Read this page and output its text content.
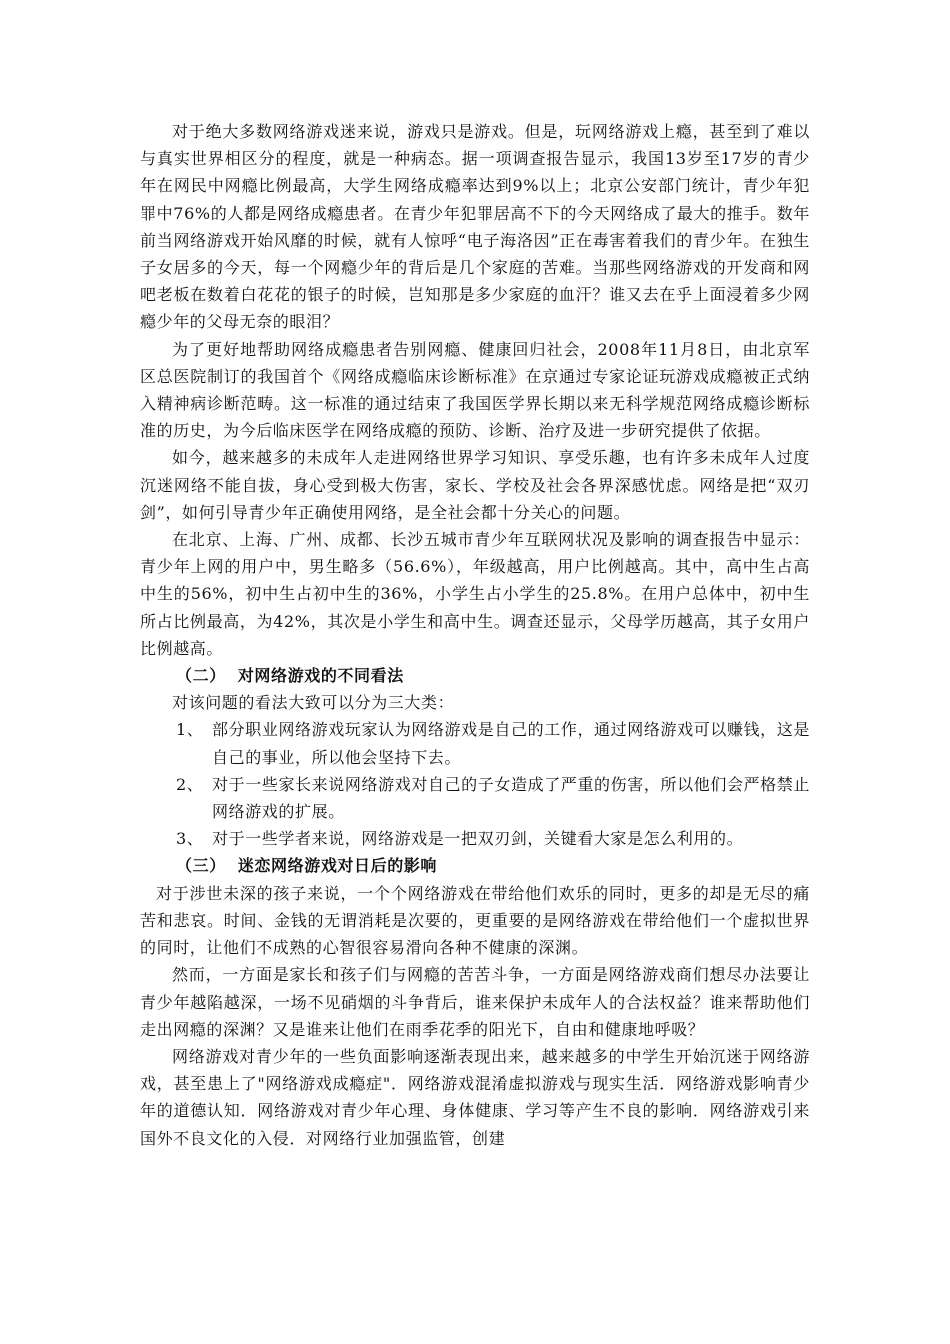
对于绝大多数网络游戏迷来说，游戏只是游戏。但是，玩网络游戏上瘾，甚至到了难以与真实世界相区分的程度，就是一种病态。据一项调查报告显示，我国13岁至17岁的青少年在网民中网瘾比例最高，大学生网络成瘾率达到9%以上；北京公安部门统计，青少年犯罪中76%的人都是网络成瘾患者。在青少年犯罪居高不下的今天网络成了最大的推手。数年前当网络游戏开始风靡的时候，就有人惊呼“电子海洛因”正在毒害着我们的青少年。在独生子女居多的今天，每一个网瘾少年的背后是几个家庭的苦难。当那些网络游戏的开发商和网吧老板在数着白花花的银子的时候，岂知那是多少家庭的血汗？谁又去在乎上面浸着多少网瘾少年的父母无奈的眼泪？

为了更好地帮助网络成瘾患者告别网瘾、健康回归社会，2008年11月8日，由北京军区总医院制订的我国首个《网络成瘾临床诊断标准》在京通过专家论证玩游戏成瘾被正式纳入精神病诊断范畴。这一标准的通过结束了我国医学界长期以来无科学规范网络成瘾诊断标准的历史，为今后临床医学在网络成瘾的预防、诊断、治疗及进一步研究提供了依据。

如今，越来越多的未成年人走进网络世界学习知识、享受乐趣，也有许多未成年人过度沉迷网络不能自拔，身心受到极大伤害，家长、学校及社会各界深感忧虑。网络是把“双刃剑”，如何引导青少年正确使用网络，是全社会都十分关心的问题。

在北京、上海、广州、成都、长沙五城市青少年互联网状况及影响的调查报告中显示：青少年上网的用户中，男生略多（56.6%），年级越高，用户比例越高。其中，高中生占高中生的56%，初中生占初中生的36%，小学生占小学生的25.8%。在用户总体中，初中生所占比例最高，为42%，其次是小学生和高中生。调查还显示，父母学历越高，其子女用户比例越高。

（二） 对网络游戏的不同看法

对该问题的看法大致可以分为三大类：

1、 部分职业网络游戏玩家认为网络游戏是自己的工作，通过网络游戏可以赚钱，这是自己的事业，所以他会坚持下去。
2、 对于一些家长来说网络游戏对自己的子女造成了严重的伤害，所以他们会严格禁止网络游戏的扩展。
3、 对于一些学者来说，网络游戏是一把双刃剑，关键看大家是怎么利用的。
（三） 迷恋网络游戏对日后的影响

对于涉世未深的孩子来说，一个个网络游戏在带给他们欢乐的同时，更多的却是无尽的痛苦和悲哀。时间、金钱的无谓消耗是次要的，更重要的是网络游戏在带给他们一个虚拟世界的同时，让他们不成熟的心智很容易滑向各种不健康的深渊。

然而，一方面是家长和孩子们与网瘾的苦苦斗争，一方面是网络游戏商们想尽办法要让青少年越陷越深，一场不见硝烟的斗争背后，谁来保护未成年人的合法权益？谁来帮助他们走出网瘾的深渊？又是谁来让他们在雨季花季的阳光下，自由和健康地呼吸？

网络游戏对青少年的一些负面影响逐渐表现出来，越来越多的中学生开始沉迷于网络游戏，甚至患上了"网络游戏成瘾症"．网络游戏混淆虚拟游戏与现实生活．网络游戏影响青少年的道德认知．网络游戏对青少年心理、身体健康、学习等产生不良的影响．网络游戏引来国外不良文化的入侵．对网络行业加强监管，创建
